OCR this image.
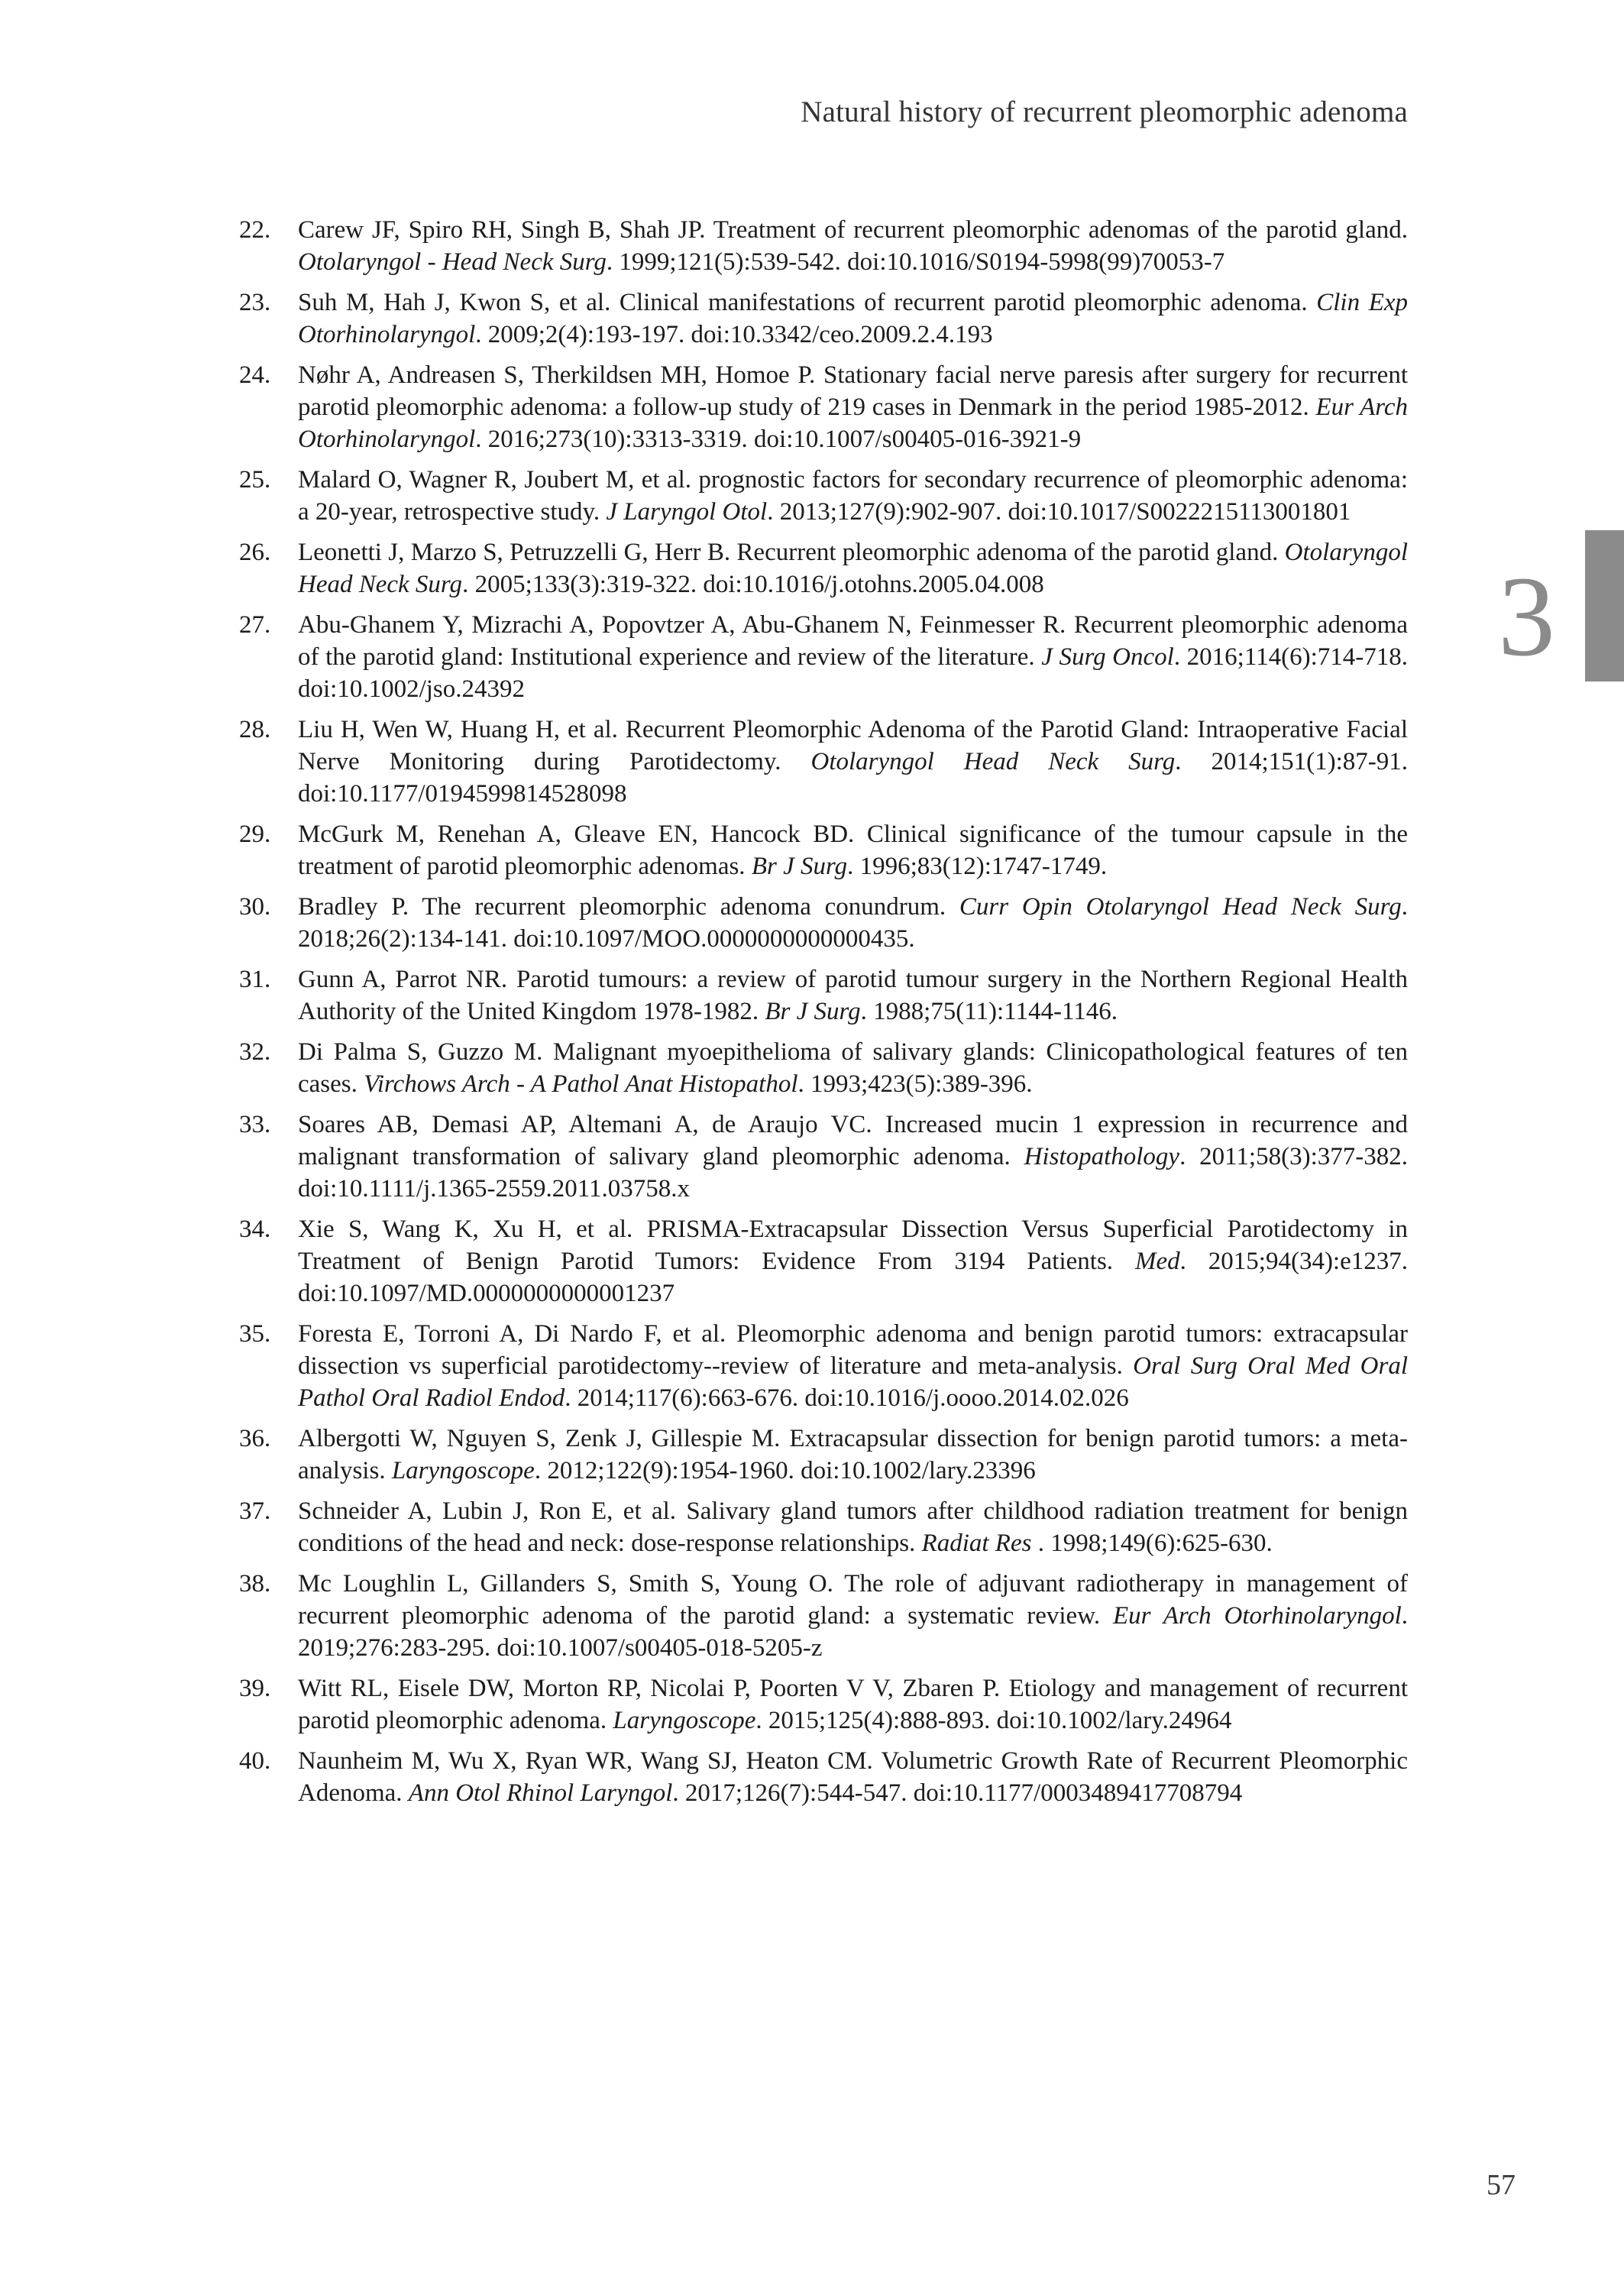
Natural history of recurrent pleomorphic adenoma
22. Carew JF, Spiro RH, Singh B, Shah JP. Treatment of recurrent pleomorphic adenomas of the parotid gland. Otolaryngol - Head Neck Surg. 1999;121(5):539-542. doi:10.1016/S0194-5998(99)70053-7
23. Suh M, Hah J, Kwon S, et al. Clinical manifestations of recurrent parotid pleomorphic adenoma. Clin Exp Otorhinolaryngol. 2009;2(4):193-197. doi:10.3342/ceo.2009.2.4.193
24. Nøhr A, Andreasen S, Therkildsen MH, Homoe P. Stationary facial nerve paresis after surgery for recurrent parotid pleomorphic adenoma: a follow-up study of 219 cases in Denmark in the period 1985-2012. Eur Arch Otorhinolaryngol. 2016;273(10):3313-3319. doi:10.1007/s00405-016-3921-9
25. Malard O, Wagner R, Joubert M, et al. prognostic factors for secondary recurrence of pleomorphic adenoma: a 20-year, retrospective study. J Laryngol Otol. 2013;127(9):902-907. doi:10.1017/S0022215113001801
26. Leonetti J, Marzo S, Petruzzelli G, Herr B. Recurrent pleomorphic adenoma of the parotid gland. Otolaryngol Head Neck Surg. 2005;133(3):319-322. doi:10.1016/j.otohns.2005.04.008
27. Abu-Ghanem Y, Mizrachi A, Popovtzer A, Abu-Ghanem N, Feinmesser R. Recurrent pleomorphic adenoma of the parotid gland: Institutional experience and review of the literature. J Surg Oncol. 2016;114(6):714-718. doi:10.1002/jso.24392
28. Liu H, Wen W, Huang H, et al. Recurrent Pleomorphic Adenoma of the Parotid Gland: Intraoperative Facial Nerve Monitoring during Parotidectomy. Otolaryngol Head Neck Surg. 2014;151(1):87-91. doi:10.1177/0194599814528098
29. McGurk M, Renehan A, Gleave EN, Hancock BD. Clinical significance of the tumour capsule in the treatment of parotid pleomorphic adenomas. Br J Surg. 1996;83(12):1747-1749.
30. Bradley P. The recurrent pleomorphic adenoma conundrum. Curr Opin Otolaryngol Head Neck Surg. 2018;26(2):134-141. doi:10.1097/MOO.0000000000000435.
31. Gunn A, Parrot NR. Parotid tumours: a review of parotid tumour surgery in the Northern Regional Health Authority of the United Kingdom 1978-1982. Br J Surg. 1988;75(11):1144-1146.
32. Di Palma S, Guzzo M. Malignant myoepithelioma of salivary glands: Clinicopathological features of ten cases. Virchows Arch - A Pathol Anat Histopathol. 1993;423(5):389-396.
33. Soares AB, Demasi AP, Altemani A, de Araujo VC. Increased mucin 1 expression in recurrence and malignant transformation of salivary gland pleomorphic adenoma. Histopathology. 2011;58(3):377-382. doi:10.1111/j.1365-2559.2011.03758.x
34. Xie S, Wang K, Xu H, et al. PRISMA-Extracapsular Dissection Versus Superficial Parotidectomy in Treatment of Benign Parotid Tumors: Evidence From 3194 Patients. Med. 2015;94(34):e1237. doi:10.1097/MD.0000000000001237
35. Foresta E, Torroni A, Di Nardo F, et al. Pleomorphic adenoma and benign parotid tumors: extracapsular dissection vs superficial parotidectomy--review of literature and meta-analysis. Oral Surg Oral Med Oral Pathol Oral Radiol Endod. 2014;117(6):663-676. doi:10.1016/j.oooo.2014.02.026
36. Albergotti W, Nguyen S, Zenk J, Gillespie M. Extracapsular dissection for benign parotid tumors: a meta-analysis. Laryngoscope. 2012;122(9):1954-1960. doi:10.1002/lary.23396
37. Schneider A, Lubin J, Ron E, et al. Salivary gland tumors after childhood radiation treatment for benign conditions of the head and neck: dose-response relationships. Radiat Res . 1998;149(6):625-630.
38. Mc Loughlin L, Gillanders S, Smith S, Young O. The role of adjuvant radiotherapy in management of recurrent pleomorphic adenoma of the parotid gland: a systematic review. Eur Arch Otorhinolaryngol. 2019;276:283-295. doi:10.1007/s00405-018-5205-z
39. Witt RL, Eisele DW, Morton RP, Nicolai P, Poorten V V, Zbaren P. Etiology and management of recurrent parotid pleomorphic adenoma. Laryngoscope. 2015;125(4):888-893. doi:10.1002/lary.24964
40. Naunheim M, Wu X, Ryan WR, Wang SJ, Heaton CM. Volumetric Growth Rate of Recurrent Pleomorphic Adenoma. Ann Otol Rhinol Laryngol. 2017;126(7):544-547. doi:10.1177/0003489417708794
3
57
